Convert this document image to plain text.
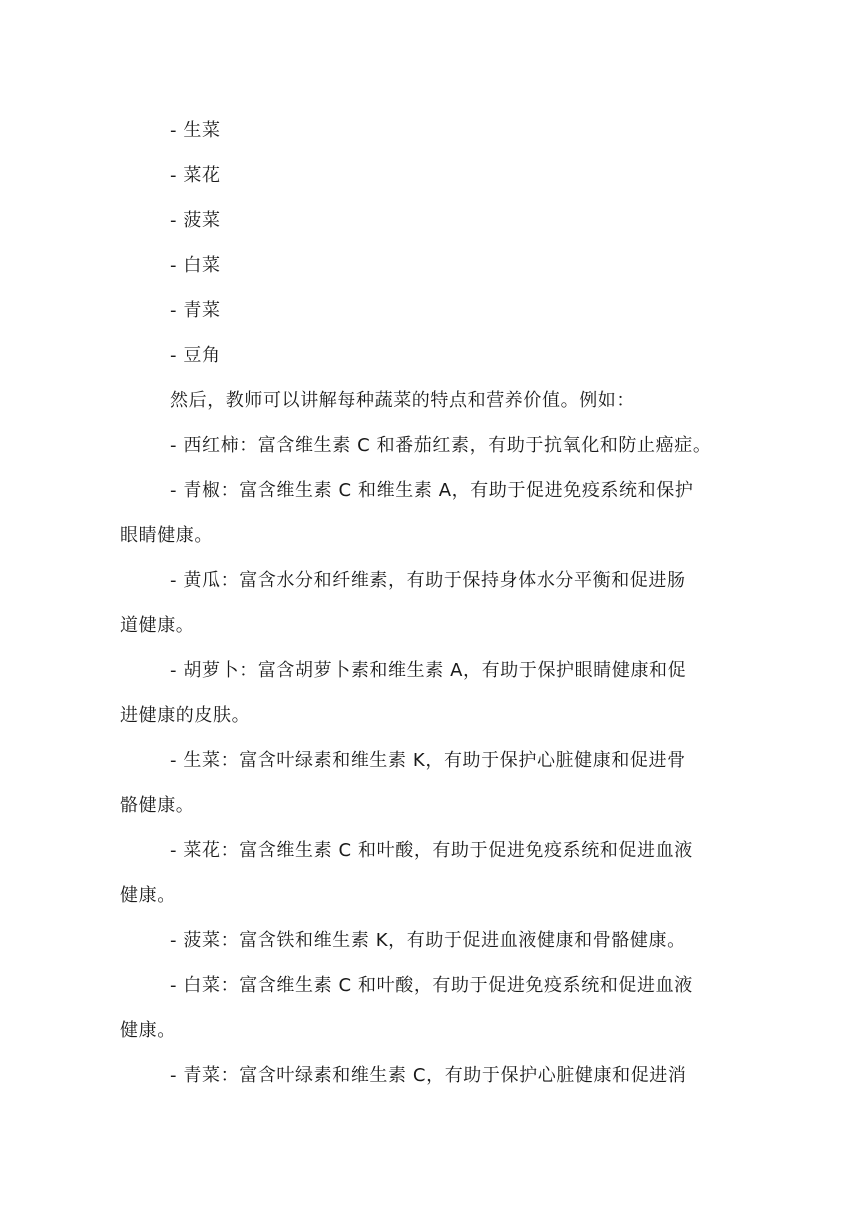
- 生菜
- 菜花
- 菠菜
- 白菜
- 青菜
- 豆角
然后，教师可以讲解每种蔬菜的特点和营养价值。例如：
- 西红柿：富含维生素 C 和番茄红素，有助于抗氧化和防止癌症。
- 青椒：富含维生素 C 和维生素 A，有助于促进免疫系统和保护
眼睛健康。
- 黄瓜：富含水分和纤维素，有助于保持身体水分平衡和促进肠
道健康。
- 胡萝卜：富含胡萝卜素和维生素 A，有助于保护眼睛健康和促
进健康的皮肤。
- 生菜：富含叶绿素和维生素 K，有助于保护心脏健康和促进骨
骼健康。
- 菜花：富含维生素 C 和叶酸，有助于促进免疫系统和促进血液
健康。
- 菠菜：富含铁和维生素 K，有助于促进血液健康和骨骼健康。
- 白菜：富含维生素 C 和叶酸，有助于促进免疫系统和促进血液
健康。
- 青菜：富含叶绿素和维生素 C，有助于保护心脏健康和促进消
